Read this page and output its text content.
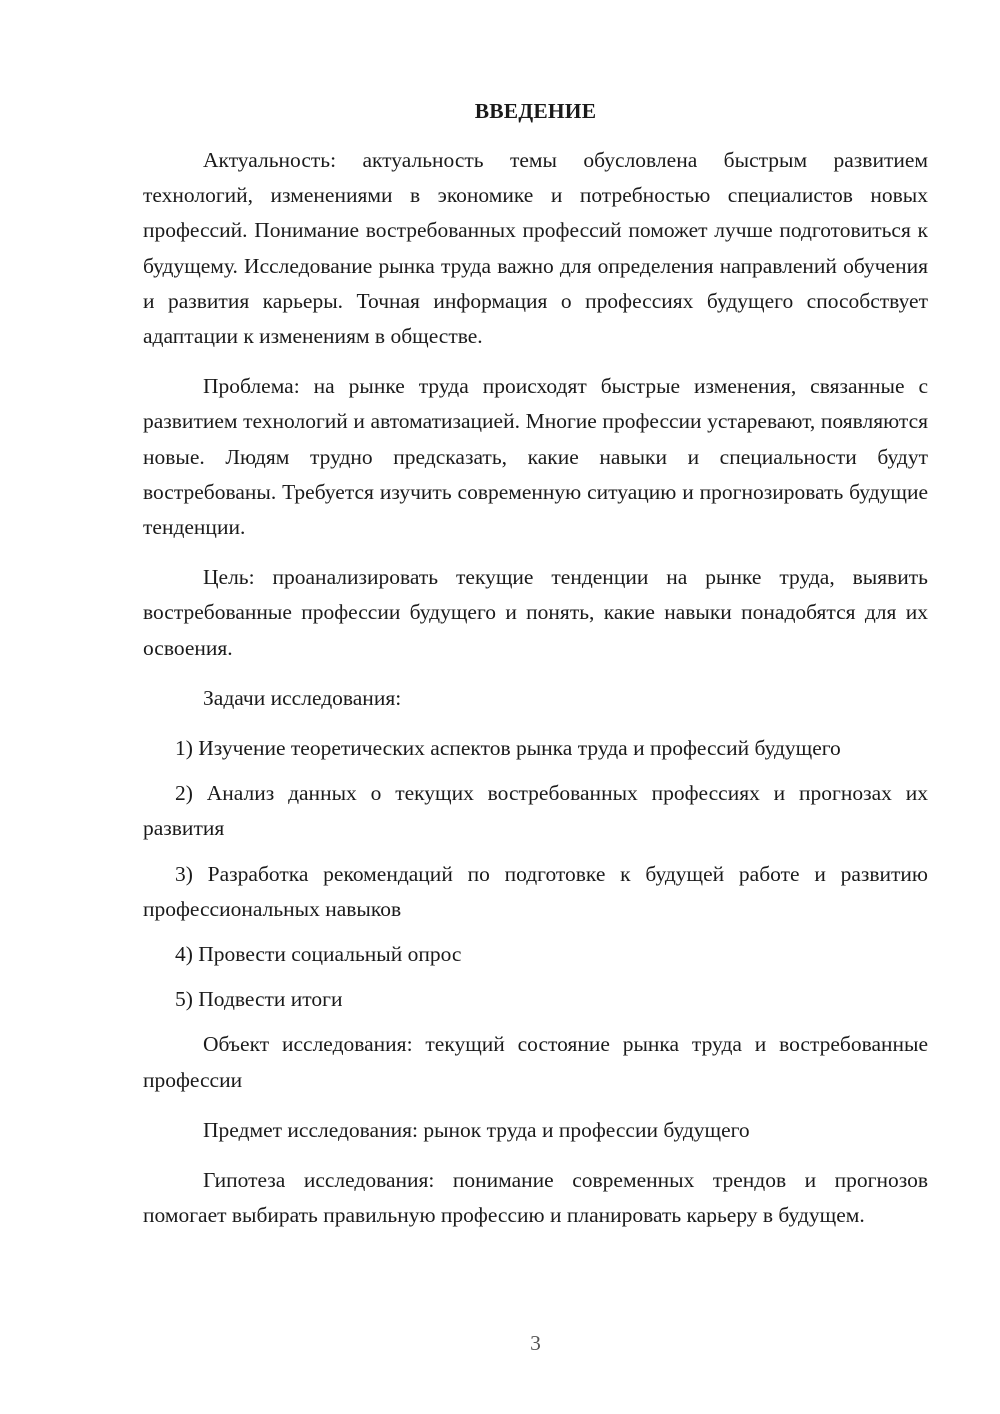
ВВЕДЕНИЕ

Актуальность: актуальность темы обусловлена быстрым развитием технологий, изменениями в экономике и потребностью специалистов новых профессий. Понимание востребованных профессий поможет лучше подготовиться к будущему. Исследование рынка труда важно для определения направлений обучения и развития карьеры. Точная информация о профессиях будущего способствует адаптации к изменениям в обществе.

Проблема: на рынке труда происходят быстрые изменения, связанные с развитием технологий и автоматизацией. Многие профессии устаревают, появляются новые. Людям трудно предсказать, какие навыки и специальности будут востребованы. Требуется изучить современную ситуацию и прогнозировать будущие тенденции.

Цель: проанализировать текущие тенденции на рынке труда, выявить востребованные профессии будущего и понять, какие навыки понадобятся для их освоения.

Задачи исследования:

1) Изучение теоретических аспектов рынка труда и профессий будущего

2) Анализ данных о текущих востребованных профессиях и прогнозах их развития

3) Разработка рекомендаций по подготовке к будущей работе и развитию профессиональных навыков

4) Провести социальный опрос

5) Подвести итоги

Объект исследования: текущий состояние рынка труда и востребованные профессии

Предмет исследования: рынок труда и профессии будущего

Гипотеза исследования: понимание современных трендов и прогнозов помогает выбирать правильную профессию и планировать карьеру в будущем.

3
